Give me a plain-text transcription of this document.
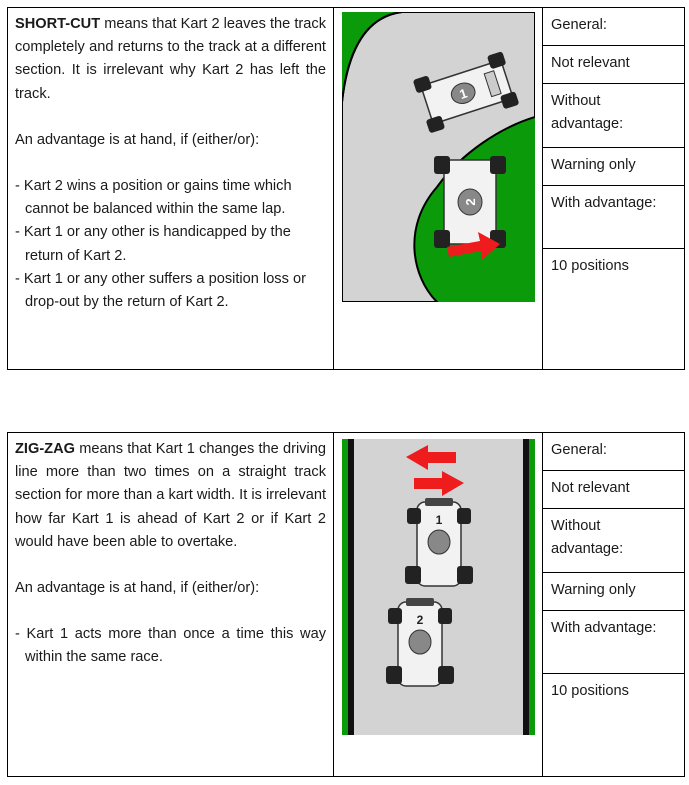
SHORT-CUT means that Kart 2 leaves the track completely and returns to the track at a different section. It is irrelevant why Kart 2 has left the track.

An advantage is at hand, if (either/or):

- Kart 2 wins a position or gains time which cannot be balanced within the same lap.

- Kart 1 or any other is handicapped by the return of Kart 2.

- Kart 1 or any other suffers a position loss or drop-out by the return of Kart 2.

1
2

General:
Not relevant
Without advantage:
Warning only
With advantage:
10 positions

ZIG-ZAG means that Kart 1 changes the driving line more than two times on a straight track section for more than a kart width. It is irrelevant how far Kart 1 is ahead of Kart 2 or if Kart 2 would have been able to overtake.

An advantage is at hand, if (either/or):

- Kart 1 acts more than once a time this way within the same race.

1
2

General:
Not relevant
Without advantage:
Warning only
With advantage:
10 positions
